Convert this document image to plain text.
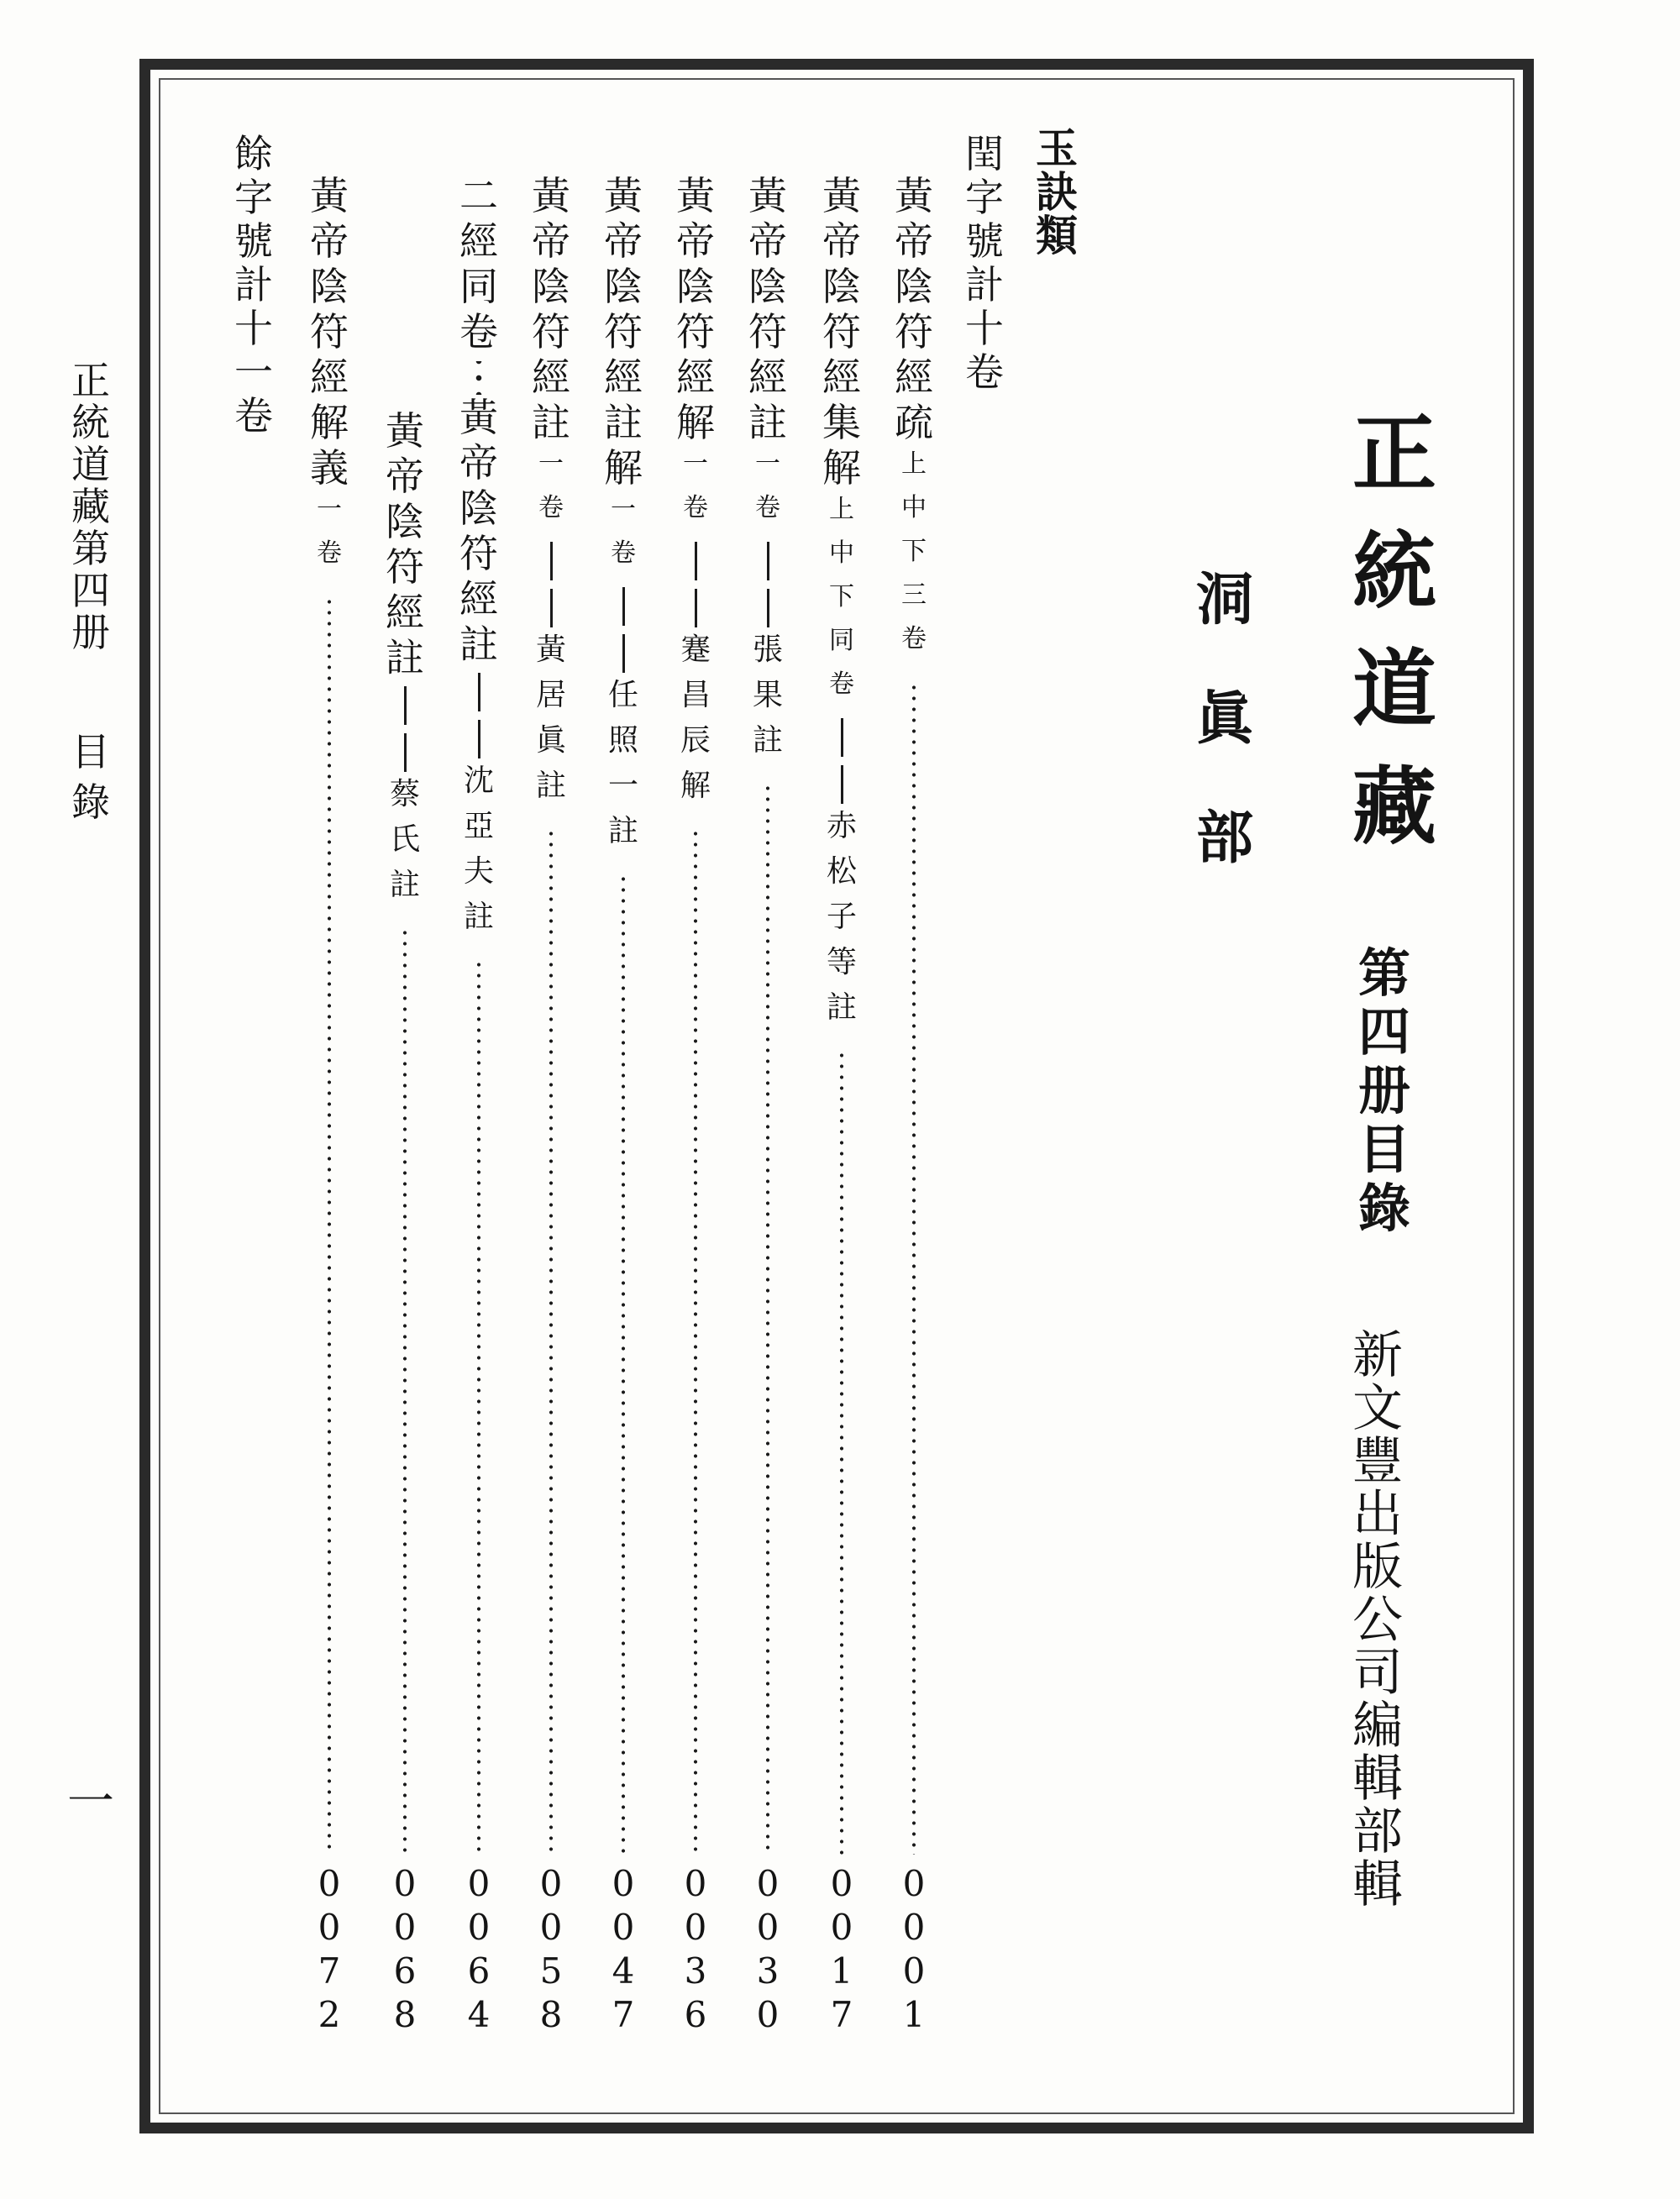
正
統
道
藏
第
四
册
目
錄
洞
眞
部
新
文
豐
出
版
公
司
編
輯
部
輯
正
統
道
藏
第
四
册
目
錄
一
玉
訣
類
閏
字
號
計
十
卷
餘
字
號
計
十
一
卷
黃
帝
陰
符
經
疏
上
中
下
三
卷
0
0
0
1
黃
帝
陰
符
經
集
解
上
中
下
同
卷
赤
松
子
等
註
0
0
1
7
黃
帝
陰
符
經
註
一
卷
張
果
註
0
0
3
0
黃
帝
陰
符
經
解
一
卷
蹇
昌
辰
解
0
0
3
6
黃
帝
陰
符
經
註
解
一
卷
任
照
一
註
0
0
4
7
黃
帝
陰
符
經
註
一
卷
黃
居
眞
註
0
0
5
8
二
經
同
卷
黃
帝
陰
符
經
註
沈
亞
夫
註
0
0
6
4
黃
帝
陰
符
經
註
蔡
氏
註
0
0
6
8
黃
帝
陰
符
經
解
義
一
卷
0
0
7
2
